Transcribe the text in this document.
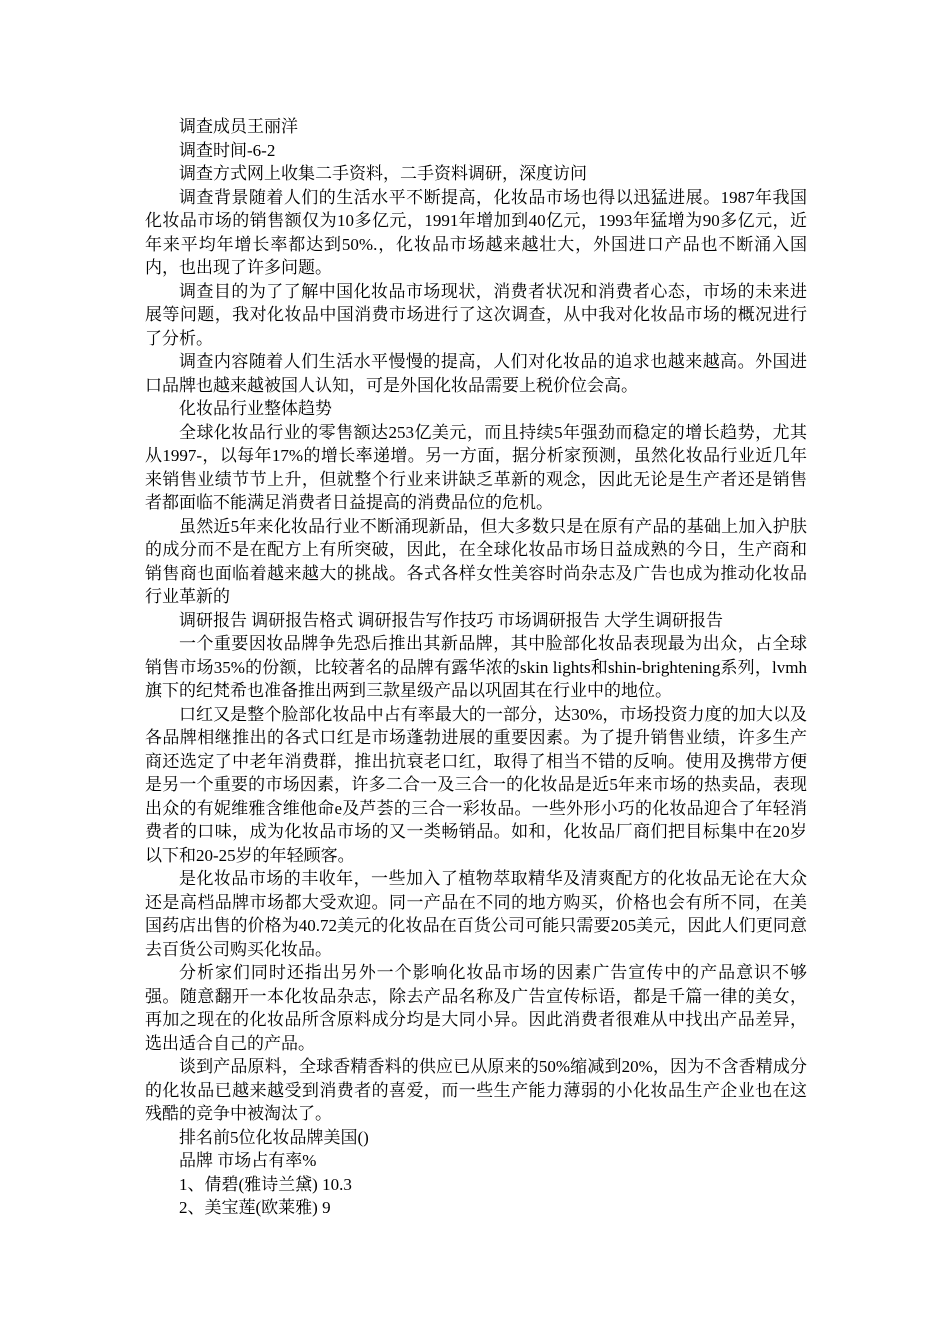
调查成员王丽洋

调查时间-6-2

调查方式网上收集二手资料，二手资料调研，深度访问

调查背景随着人们的生活水平不断提高，化妆品市场也得以迅猛进展。1987年我国化妆品市场的销售额仅为10多亿元，1991年增加到40亿元，1993年猛增为90多亿元，近年来平均年增长率都达到50%.，化妆品市场越来越壮大，外国进口产品也不断涌入国内，也出现了许多问题。

调查目的为了了解中国化妆品市场现状，消费者状况和消费者心态，市场的未来进展等问题，我对化妆品中国消费市场进行了这次调查，从中我对化妆品市场的概况进行了分析。

调查内容随着人们生活水平慢慢的提高，人们对化妆品的追求也越来越高。外国进口品牌也越来越被国人认知，可是外国化妆品需要上税价位会高。

化妆品行业整体趋势

全球化妆品行业的零售额达253亿美元，而且持续5年强劲而稳定的增长趋势，尤其从1997-，以每年17%的增长率递增。另一方面，据分析家预测，虽然化妆品行业近几年来销售业绩节节上升，但就整个行业来讲缺乏革新的观念，因此无论是生产者还是销售者都面临不能满足消费者日益提高的消费品位的危机。

虽然近5年来化妆品行业不断涌现新品，但大多数只是在原有产品的基础上加入护肤的成分而不是在配方上有所突破，因此，在全球化妆品市场日益成熟的今日，生产商和销售商也面临着越来越大的挑战。各式各样女性美容时尚杂志及广告也成为推动化妆品行业革新的

调研报告 调研报告格式 调研报告写作技巧 市场调研报告 大学生调研报告

一个重要因妆品牌争先恐后推出其新品牌，其中脸部化妆品表现最为出众，占全球销售市场35%的份额，比较著名的品牌有露华浓的skin lights和shin-brightening系列，lvmh旗下的纪梵希也准备推出两到三款星级产品以巩固其在行业中的地位。

口红又是整个脸部化妆品中占有率最大的一部分，达30%，市场投资力度的加大以及各品牌相继推出的各式口红是市场蓬勃进展的重要因素。为了提升销售业绩，许多生产商还选定了中老年消费群，推出抗衰老口红，取得了相当不错的反响。使用及携带方便是另一个重要的市场因素，许多二合一及三合一的化妆品是近5年来市场的热卖品，表现出众的有妮维雅含维他命e及芦荟的三合一彩妆品。一些外形小巧的化妆品迎合了年轻消费者的口味，成为化妆品市场的又一类畅销品。如和，化妆品厂商们把目标集中在20岁以下和20-25岁的年轻顾客。

是化妆品市场的丰收年，一些加入了植物萃取精华及清爽配方的化妆品无论在大众还是高档品牌市场都大受欢迎。同一产品在不同的地方购买，价格也会有所不同，在美国药店出售的价格为40.72美元的化妆品在百货公司可能只需要205美元，因此人们更同意去百货公司购买化妆品。

分析家们同时还指出另外一个影响化妆品市场的因素广告宣传中的产品意识不够强。随意翻开一本化妆品杂志，除去产品名称及广告宣传标语，都是千篇一律的美女，再加之现在的化妆品所含原料成分均是大同小异。因此消费者很难从中找出产品差异，选出适合自己的产品。

谈到产品原料，全球香精香料的供应已从原来的50%缩减到20%，因为不含香精成分的化妆品已越来越受到消费者的喜爱，而一些生产能力薄弱的小化妆品生产企业也在这残酷的竞争中被淘汰了。

排名前5位化妆品牌美国()

品牌 市场占有率%

1、倩碧(雅诗兰黛) 10.3

2、美宝莲(欧莱雅) 9
